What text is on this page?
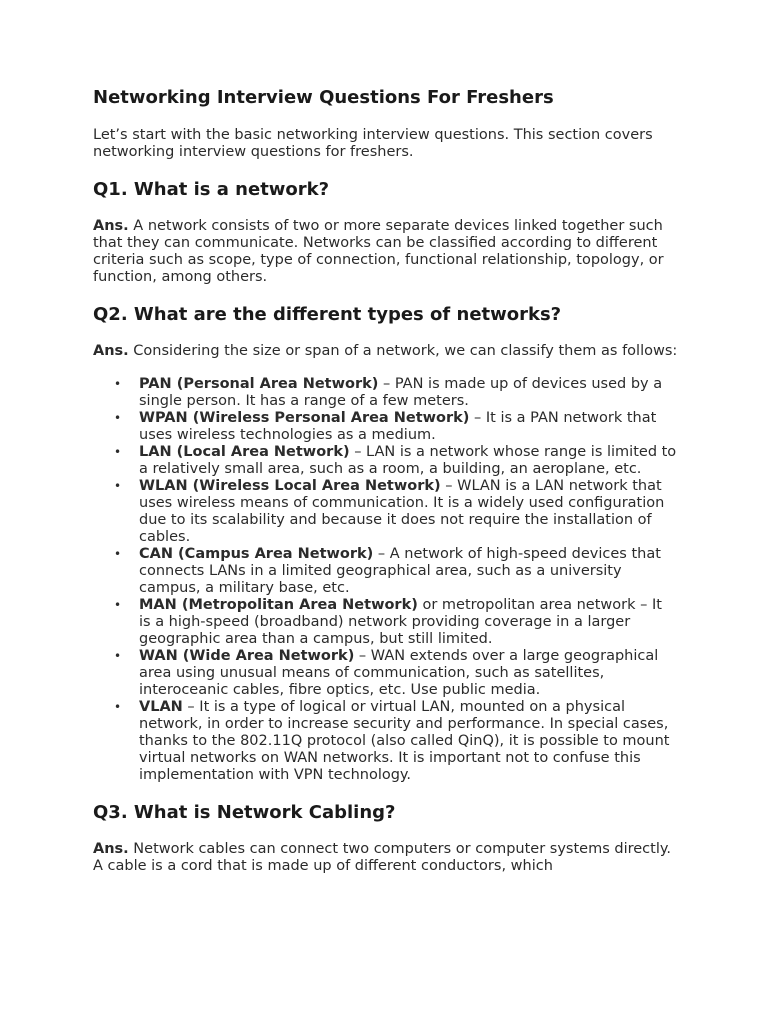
Networking Interview Questions For Freshers

Let’s start with the basic networking interview questions. This section covers networking interview questions for freshers.

Q1. What is a network?

Ans. A network consists of two or more separate devices linked together such that they can communicate. Networks can be classified according to different criteria such as scope, type of connection, functional relationship, topology, or function, among others.

Q2. What are the different types of networks?

Ans. Considering the size or span of a network, we can classify them as follows:

• PAN (Personal Area Network) – PAN is made up of devices used by a single person. It has a range of a few meters.
• WPAN (Wireless Personal Area Network) – It is a PAN network that uses wireless technologies as a medium.
• LAN (Local Area Network) – LAN is a network whose range is limited to a relatively small area, such as a room, a building, an aeroplane, etc.
• WLAN (Wireless Local Area Network) – WLAN is a LAN network that uses wireless means of communication. It is a widely used configuration due to its scalability and because it does not require the installation of cables.
• CAN (Campus Area Network) – A network of high-speed devices that connects LANs in a limited geographical area, such as a university campus, a military base, etc.
• MAN (Metropolitan Area Network) or metropolitan area network – It is a high-speed (broadband) network providing coverage in a larger geographic area than a campus, but still limited.
• WAN (Wide Area Network) – WAN extends over a large geographical area using unusual means of communication, such as satellites, interoceanic cables, fibre optics, etc. Use public media.
• VLAN – It is a type of logical or virtual LAN, mounted on a physical network, in order to increase security and performance. In special cases, thanks to the 802.11Q protocol (also called QinQ), it is possible to mount virtual networks on WAN networks. It is important not to confuse this implementation with VPN technology.
Q3. What is Network Cabling?

Ans. Network cables can connect two computers or computer systems directly. A cable is a cord that is made up of different conductors, which
